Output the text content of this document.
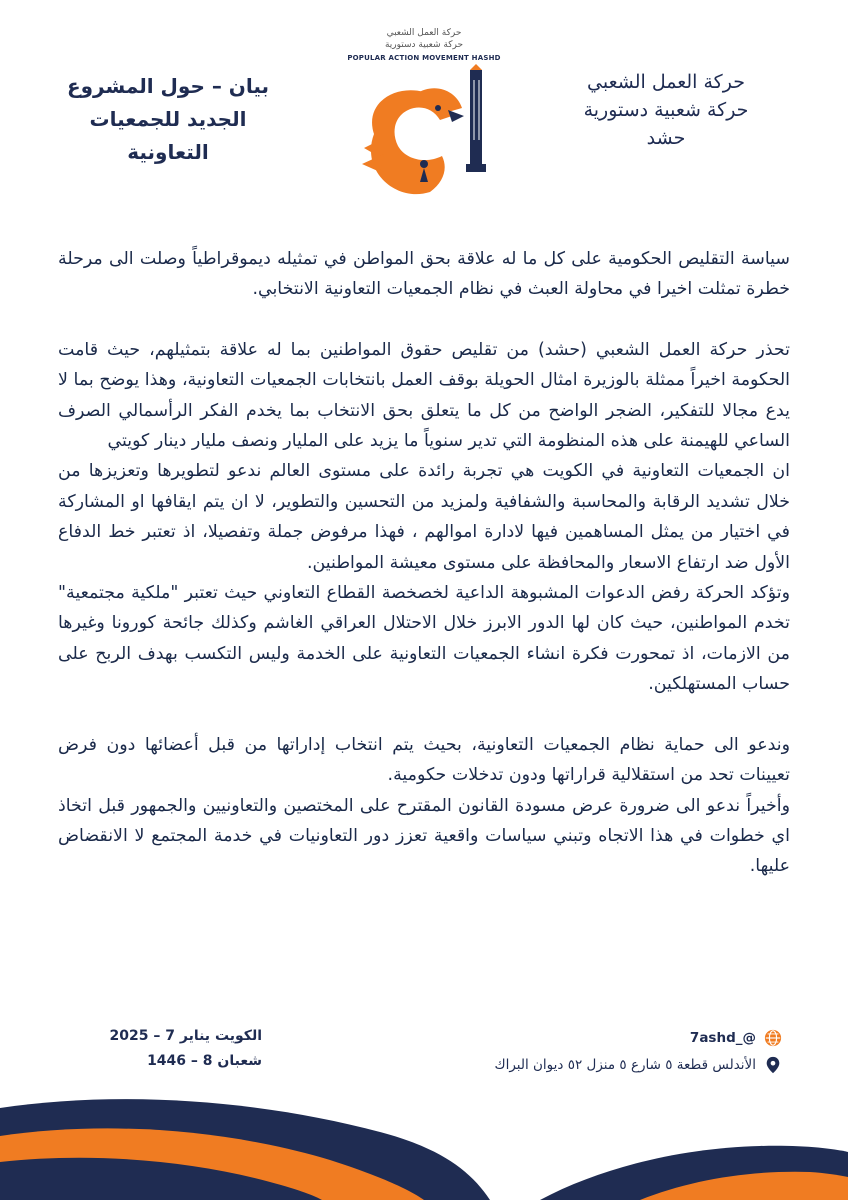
حركة العمل الشعبي
حركة شعبية دستورية
حشد
بيان – حول المشروع
الجديد للجمعيات
التعاونية
حركة العمل الشعبي
حركة شعبية دستورية
POPULAR ACTION MOVEMENT HASHD

سياسة التقليص الحكومية على كل ما له علاقة بحق المواطن في تمثيله ديموقراطياً وصلت الى مرحلة خطرة تمثلت اخيرا في محاولة العبث في نظام الجمعيات التعاونية الانتخابي.

تحذر حركة العمل الشعبي (حشد) من تقليص حقوق المواطنين بما له علاقة بتمثيلهم، حيث قامت الحكومة اخيراً ممثلة بالوزيرة امثال الحويلة بوقف العمل بانتخابات الجمعيات التعاونية، وهذا يوضح بما لا يدع مجالا للتفكير، الضجر الواضح من كل ما يتعلق بحق الانتخاب بما يخدم الفكر الرأسمالي الصرف الساعي للهيمنة على هذه المنظومة التي تدير سنوياً ما يزيد على المليار ونصف مليار دينار كويتي

ان الجمعيات التعاونية في الكويت هي تجربة رائدة على مستوى العالم ندعو لتطويرها وتعزيزها من خلال تشديد الرقابة والمحاسبة والشفافية ولمزيد من التحسين والتطوير، لا ان يتم ايقافها او المشاركة في اختيار من يمثل المساهمين فيها لادارة اموالهم ، فهذا مرفوض جملة وتفصيلا، اذ تعتبر خط الدفاع الأول ضد ارتفاع الاسعار والمحافظة على مستوى معيشة المواطنين.

وتؤكد الحركة رفض الدعوات المشبوهة الداعية لخصخصة القطاع التعاوني حيث تعتبر "ملكية مجتمعية" تخدم المواطنين، حيث كان لها الدور الابرز خلال الاحتلال العراقي الغاشم وكذلك جائحة كورونا وغيرها من الازمات، اذ تمحورت فكرة انشاء الجمعيات التعاونية على الخدمة وليس التكسب بهدف الربح على حساب المستهلكين.

وندعو الى حماية نظام الجمعيات التعاونية، بحيث يتم انتخاب إداراتها من قبل أعضائها دون فرض تعيينات تحد من استقلالية قراراتها ودون تدخلات حكومية.

وأخيراً ندعو الى ضرورة عرض مسودة القانون المقترح على المختصين والتعاونيين والجمهور قبل اتخاذ اي خطوات في هذا الاتجاه وتبني سياسات واقعية تعزز دور التعاونيات في خدمة المجتمع لا الانقضاض عليها.

7ashd_@
الأندلس قطعة ٥ شارع ٥ منزل ٥٢ ديوان البراك
الكويت يناير 7 – 2025
شعبان 8 – 1446
